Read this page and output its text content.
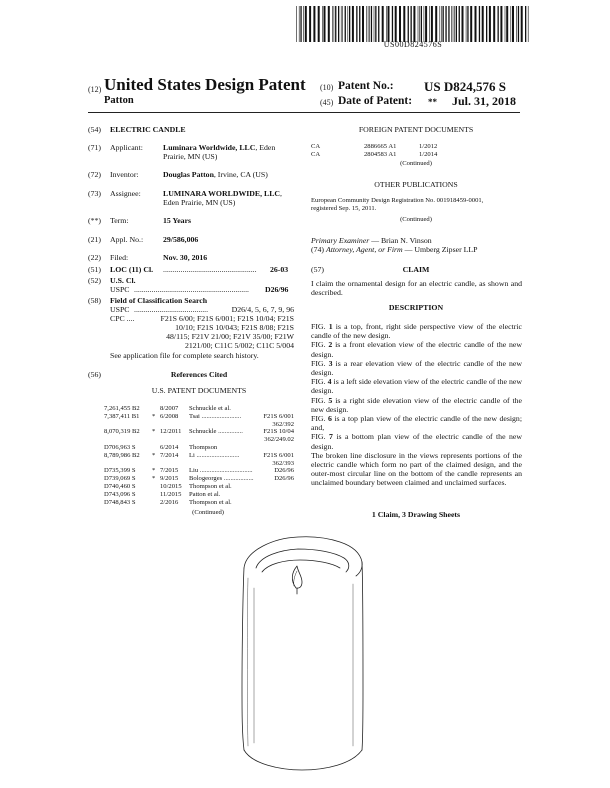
US00D824576S
(12) United States Design Patent
Patton
(10) Patent No.: US D824,576 S
(45) Date of Patent: ** Jul. 31, 2018
(54) ELECTRIC CANDLE
(71) Applicant:	Luminara Worldwide, LLC, Eden
Prairie, MN (US)
(72) Inventor:	Douglas Patton, Irvine, CA (US)
(73) Assignee:	LUMINARA WORLDWIDE, LLC,
Eden Prairie, MN (US)
(**) Term:	15 Years
(21) Appl. No.:	29/586,006
(22) Filed:	Nov. 30, 2016
(51) LOC (11) Cl. ................................................	26-03
(52) U.S. Cl.
USPC ...........................................................	D26/96
(58) Field of Classification Search
USPC ......................................	D26/4, 5, 6, 7, 9, 96
CPC ....	F21S 6/00; F21S 6/001; F21S 10/04; F21S
10/10; F21S 10/043; F21S 8/08; F21S
48/115; F21V 21/00; F21V 35/00; F21W
2121/00; C11C 5/002; C11C 5/004
See application file for complete search history.
(56)	References Cited
U.S. PATENT DOCUMENTS
7,261,455 B2	8/2007 Schnuckle et al.
7,387,411 B1 * 6/2008 Tsai ........................	F21S 6/001
362/392
8,070,319 B2 * 12/2011 Schnuckle ...............	F21S 10/04
362/249.02
D706,963 S	6/2014 Thompson
8,789,986 B2 * 7/2014 Li ..........................	F21S 6/001
362/393
D735,399 S * 7/2015 Liu ................................	D26/96
D739,069 S * 9/2015 Bologeorges ..................	D26/96
D740,460 S	10/2015 Thompson et al.
D743,096 S	11/2015 Patton et al.
D748,843 S	2/2016 Thompson et al.
(Continued)
FOREIGN PATENT DOCUMENTS
CA	2886665 A1	1/2012
CA	2804583 A1	1/2014
(Continued)
OTHER PUBLICATIONS
European Community Design Registration No. 001918459-0001,
registered Sep. 15, 2011.
(Continued)
Primary Examiner — Brian N. Vinson
(74) Attorney, Agent, or Firm — Umberg Zipser LLP
(57)	CLAIM
I claim the ornamental design for an electric candle, as shown and described.
DESCRIPTION

FIG. 1 is a top, front, right side perspective view of the electric candle of the new design.

FIG. 2 is a front elevation view of the electric candle of the new design.

FIG. 3 is a rear elevation view of the electric candle of the new design.

FIG. 4 is a left side elevation view of the electric candle of the new design.

FIG. 5 is a right side elevation view of the electric candle of the new design.

FIG. 6 is a top plan view of the electric candle of the new design; and,

FIG. 7 is a bottom plan view of the electric candle of the new design.

The broken line disclosure in the views represents portions of the electric candle which form no part of the claimed design, and the outer-most circular line on the bottom of the candle represents an unclaimed boundary between claimed and unclaimed surfaces.

1 Claim, 3 Drawing Sheets
